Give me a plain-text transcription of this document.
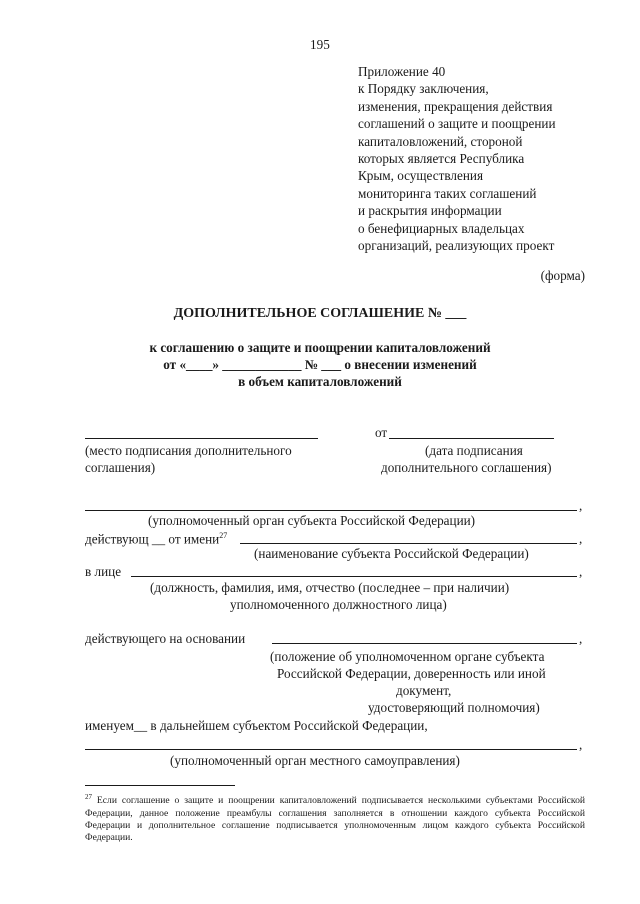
195
Приложение 40
к Порядку заключения,
изменения, прекращения действия
соглашений о защите и поощрении
капиталовложений, стороной
которых является Республика
Крым, осуществления
мониторинга таких соглашений
и раскрытия информации
о бенефициарных владельцах
организаций, реализующих проект
(форма)
ДОПОЛНИТЕЛЬНОЕ СОГЛАШЕНИЕ № ___
к соглашению о защите и поощрении капиталовложений
от «____» ____________ № ___ о внесении изменений
в объем капиталовложений
от
(место подписания дополнительного
соглашения)
(дата подписания
дополнительного соглашения)
,
(уполномоченный орган субъекта Российской Федерации)
действующ __ от имени$^{27}$	,
(наименование субъекта Российской Федерации)
в лице	,
(должность, фамилия, имя, отчество (последнее – при наличии)
уполномоченного должностного лица)
действующего на основании	,
(положение об уполномоченном органе субъекта
Российской Федерации, доверенность или иной
документ,
удостоверяющий полномочия)
именуем__ в дальнейшем субъектом Российской Федерации,
,
(уполномоченный орган местного самоуправления)
$^{27}$ Если соглашение о защите и поощрении капиталовложений подписывается несколькими субъектами Российской Федерации, данное положение преамбулы соглашения заполняется в отношении каждого субъекта Российской Федерации и дополнительное соглашение подписывается уполномоченным лицом каждого субъекта Российской Федерации.
